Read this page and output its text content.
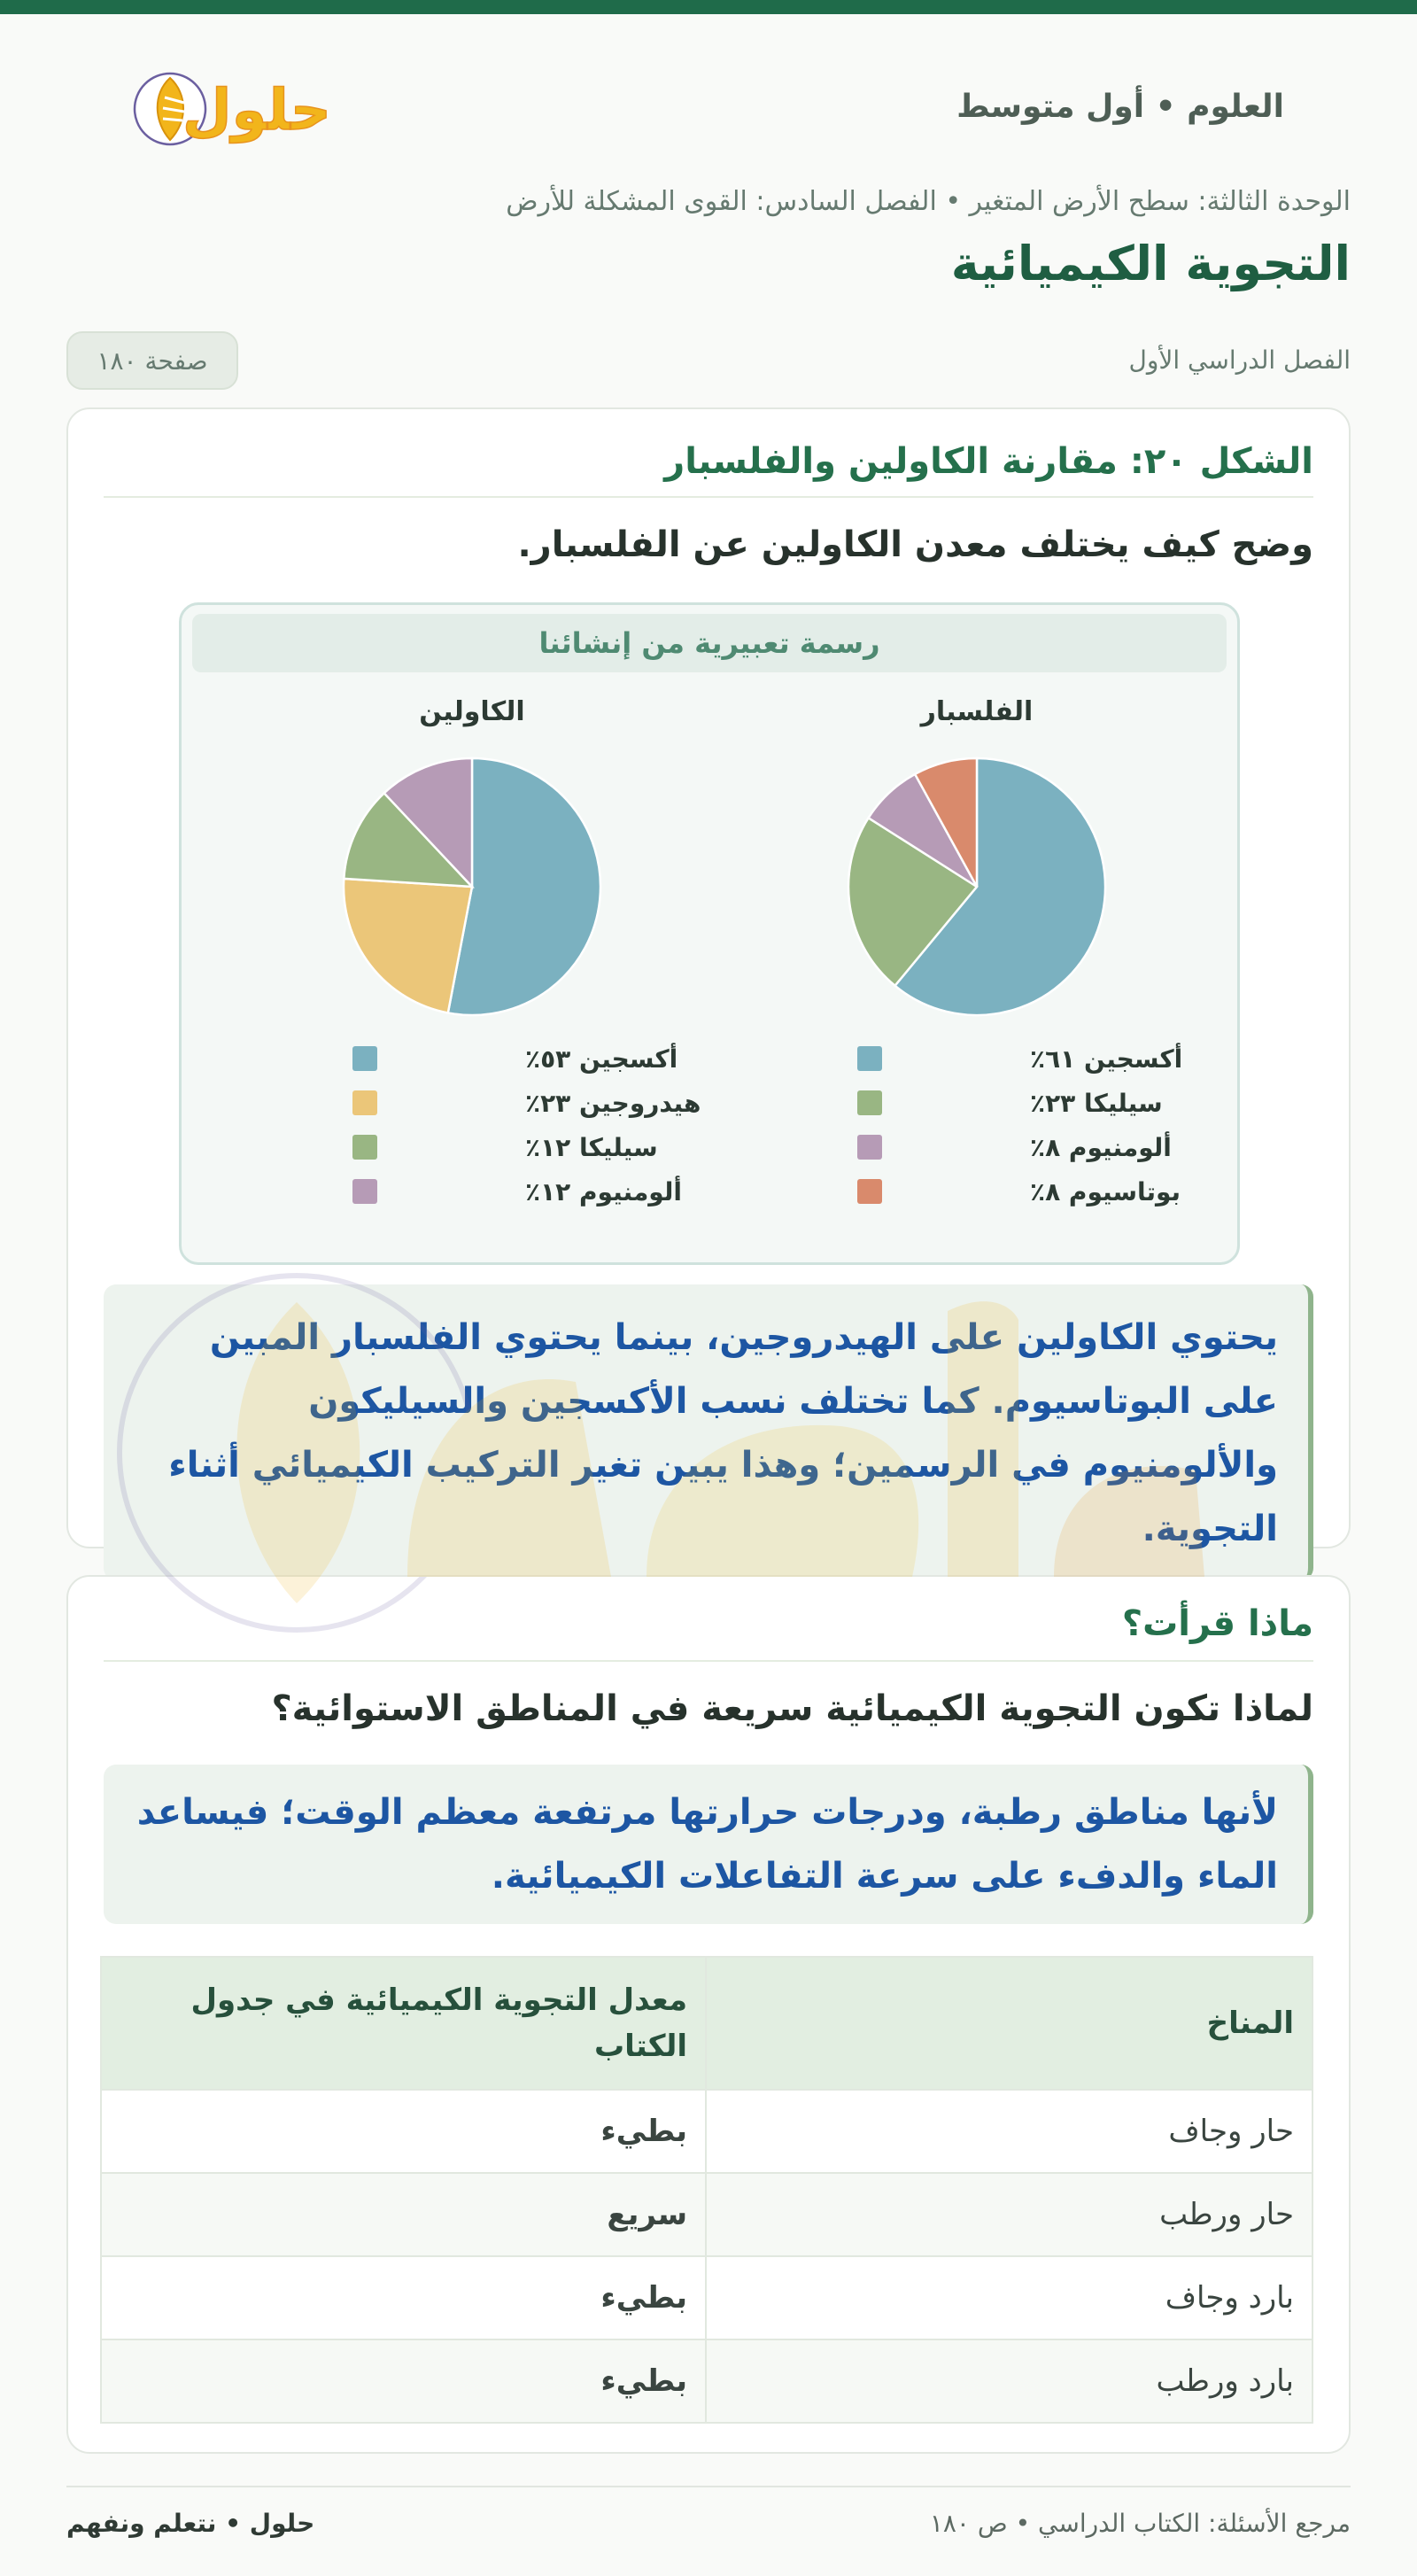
العلوم • أول متوسط
حلول
الوحدة الثالثة: سطح الأرض المتغير • الفصل السادس: القوى المشكلة للأرض
التجوية الكيميائية
الفصل الدراسي الأول
صفحة ١٨٠
الشكل ٢٠: مقارنة الكاولين والفلسبار
وضح كيف يختلف معدن الكاولين عن الفلسبار.
رسمة تعبيرية من إنشائنا
الفلسبار
أكسجين ٦١٪
سيليكا ٢٣٪
ألومنيوم ٨٪
بوتاسيوم ٨٪
الكاولين
أكسجين ٥٣٪
هيدروجين ٢٣٪
سيليكا ١٢٪
ألومنيوم ١٢٪
يحتوي الكاولين على الهيدروجين، بينما يحتوي الفلسبار المبين على البوتاسيوم. كما تختلف نسب الأكسجين والسيليكون والألومنيوم في الرسمين؛ وهذا يبين تغير التركيب الكيميائي أثناء التجوية.
ماذا قرأت؟
لماذا تكون التجوية الكيميائية سريعة في المناطق الاستوائية؟
لأنها مناطق رطبة، ودرجات حرارتها مرتفعة معظم الوقت؛ فيساعد الماء والدفء على سرعة التفاعلات الكيميائية.
المناخ	معدل التجوية الكيميائية في جدول الكتاب
حار وجاف	بطيء
حار ورطب	سريع
بارد وجاف	بطيء
بارد ورطب	بطيء
مرجع الأسئلة: الكتاب الدراسي • ص ١٨٠
حلول • نتعلم ونفهم
